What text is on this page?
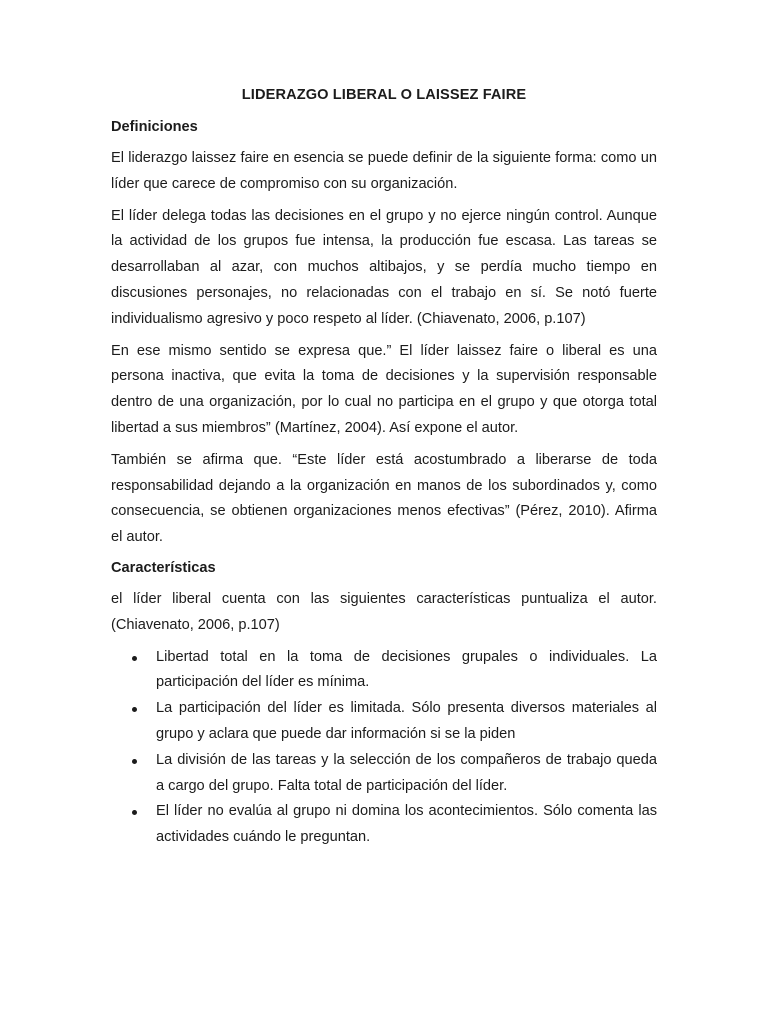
LIDERAZGO LIBERAL O LAISSEZ FAIRE
Definiciones

El liderazgo laissez faire en esencia se puede definir de la siguiente forma: como un líder que carece de compromiso con su organización.

El líder delega todas las decisiones en el grupo y no ejerce ningún control. Aunque la actividad de los grupos fue intensa, la producción fue escasa. Las tareas se desarrollaban al azar, con muchos altibajos, y se perdía mucho tiempo en discusiones personajes, no relacionadas con el trabajo en sí. Se notó fuerte individualismo agresivo y poco respeto al líder. (Chiavenato, 2006, p.107)

En ese mismo sentido se expresa que.” El líder laissez faire o liberal es una persona inactiva, que evita la toma de decisiones y la supervisión responsable dentro de una organización, por lo cual no participa en el grupo y que otorga total libertad a sus miembros” (Martínez, 2004). Así expone el autor.

También se afirma que. “Este líder está acostumbrado a liberarse de toda responsabilidad dejando a la organización en manos de los subordinados y, como consecuencia, se obtienen organizaciones menos efectivas” (Pérez, 2010). Afirma el autor.

Características

el líder liberal cuenta con las siguientes características puntualiza el autor. (Chiavenato, 2006, p.107)

Libertad total en la toma de decisiones grupales o individuales. La participación del líder es mínima.
La participación del líder es limitada. Sólo presenta diversos materiales al grupo y aclara que puede dar información si se la piden
La división de las tareas y la selección de los compañeros de trabajo queda a cargo del grupo. Falta total de participación del líder.
El líder no evalúa al grupo ni domina los acontecimientos. Sólo comenta las actividades cuándo le preguntan.
